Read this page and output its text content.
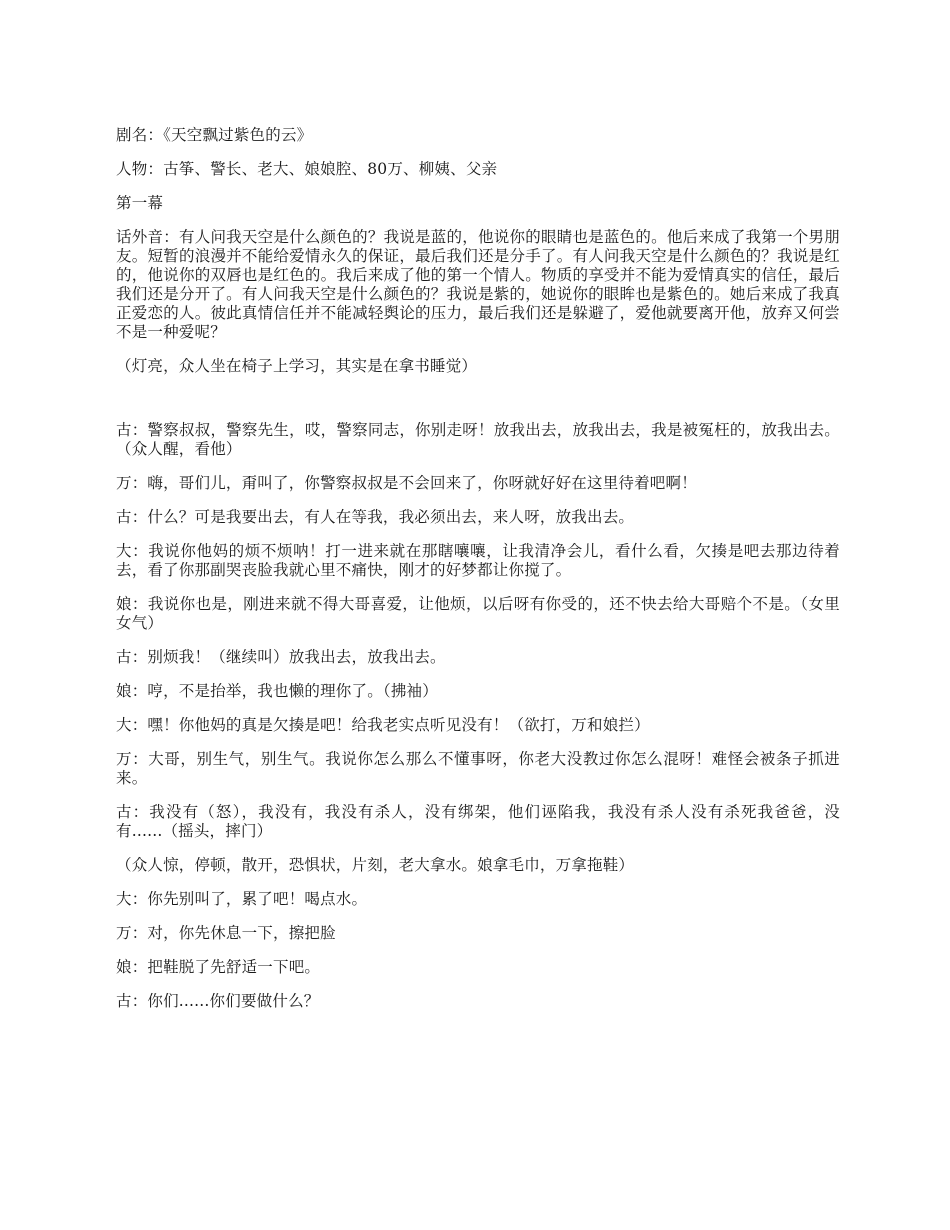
剧名：《天空飘过紫色的云》

人物：古筝、警长、老大、娘娘腔、80万、柳姨、父亲

第一幕

话外音：有人问我天空是什么颜色的？我说是蓝的，他说你的眼睛也是蓝色的。他后来成了我第一个男朋友。短暂的浪漫并不能给爱情永久的保证，最后我们还是分手了。有人问我天空是什么颜色的？我说是红的，他说你的双唇也是红色的。我后来成了他的第一个情人。物质的享受并不能为爱情真实的信任，最后我们还是分开了。有人问我天空是什么颜色的？我说是紫的，她说你的眼眸也是紫色的。她后来成了我真正爱恋的人。彼此真情信任并不能减轻舆论的压力，最后我们还是躲避了，爱他就要离开他，放弃又何尝不是一种爱呢？

（灯亮，众人坐在椅子上学习，其实是在拿书睡觉）

古：警察叔叔，警察先生，哎，警察同志，你别走呀！放我出去，放我出去，我是被冤枉的，放我出去。（众人醒，看他）

万：嗨，哥们儿，甭叫了，你警察叔叔是不会回来了，你呀就好好在这里待着吧啊！

古：什么？可是我要出去，有人在等我，我必须出去，来人呀，放我出去。

大：我说你他妈的烦不烦呐！打一进来就在那瞎嚷嚷，让我清净会儿，看什么看，欠揍是吧去那边待着去，看了你那副哭丧脸我就心里不痛快，刚才的好梦都让你搅了。

娘：我说你也是，刚进来就不得大哥喜爱，让他烦，以后呀有你受的，还不快去给大哥赔个不是。（女里女气）

古：别烦我！（继续叫）放我出去，放我出去。

娘：哼，不是抬举，我也懒的理你了。（拂袖）

大：嘿！你他妈的真是欠揍是吧！给我老实点听见没有！（欲打，万和娘拦）

万：大哥，别生气，别生气。我说你怎么那么不懂事呀，你老大没教过你怎么混呀！难怪会被条子抓进来。

古：我没有（怒），我没有，我没有杀人，没有绑架，他们诬陷我，我没有杀人没有杀死我爸爸，没有......（摇头，摔门）

（众人惊，停顿，散开，恐惧状，片刻，老大拿水。娘拿毛巾，万拿拖鞋）

大：你先别叫了，累了吧！喝点水。

万：对，你先休息一下，擦把脸

娘：把鞋脱了先舒适一下吧。

古：你们......你们要做什么？
